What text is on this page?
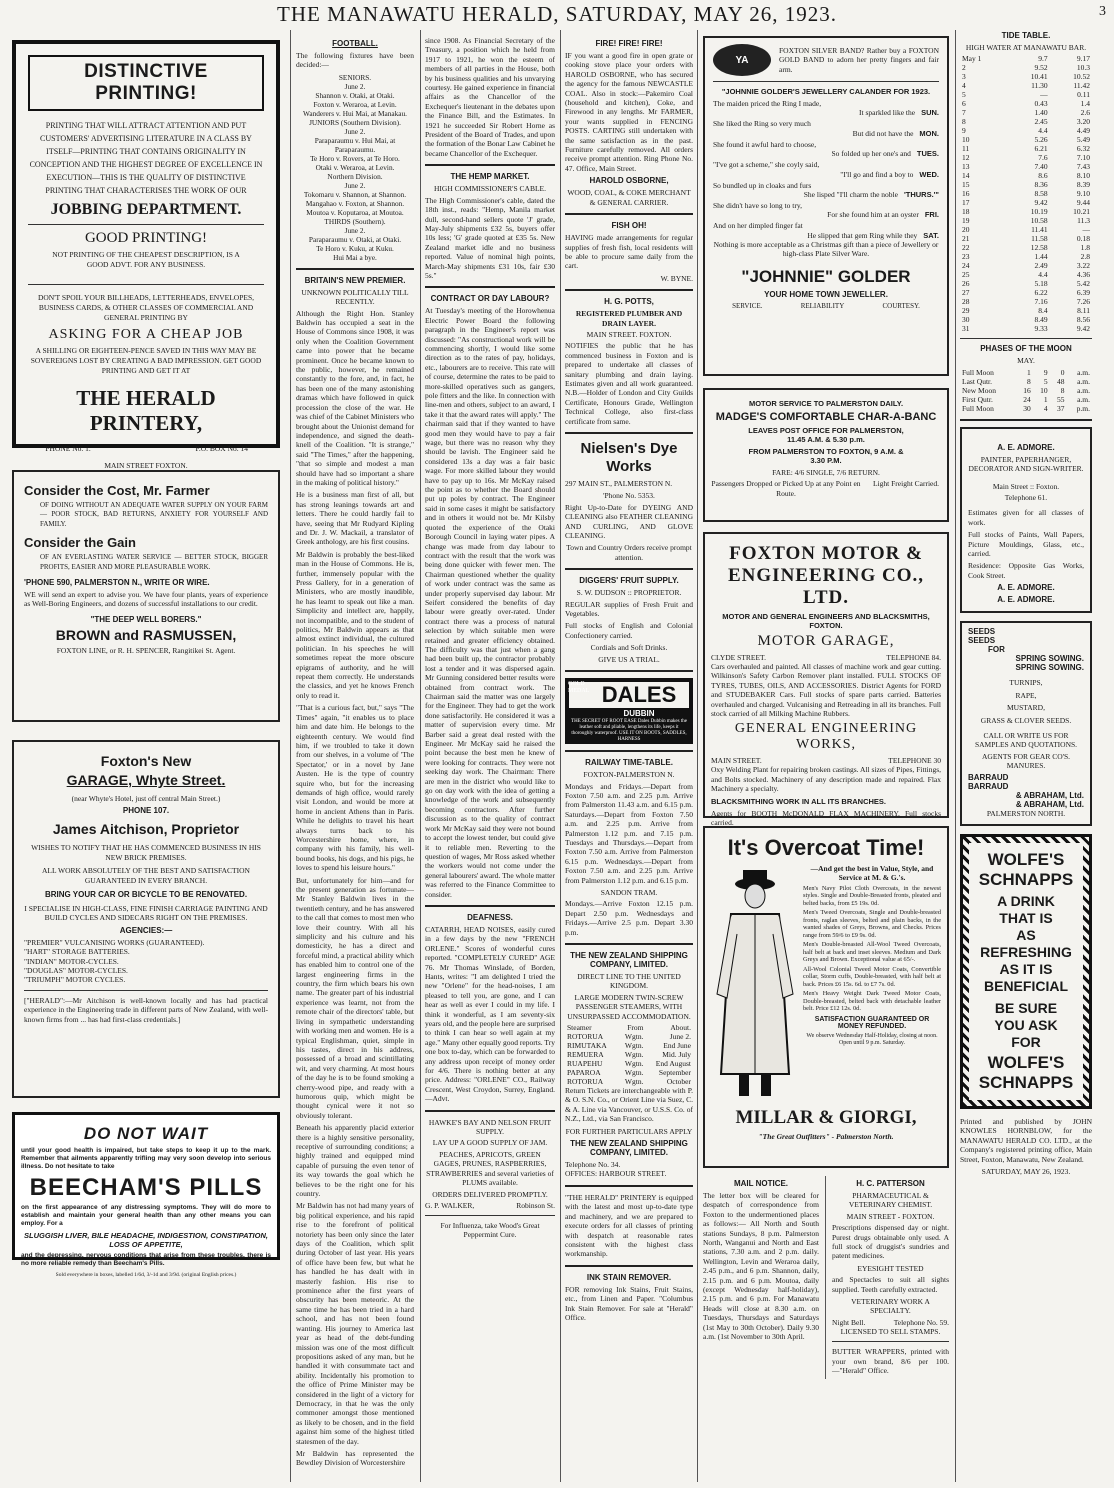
THE MANAWATU HERALD, SATURDAY, MAY 26, 1923.	3
DISTINCTIVE PRINTING!

PRINTING THAT WILL ATTRACT ATTENTION AND PUT CUSTOMERS' ADVERTISING LITERATURE IN A CLASS BY ITSELF—PRINTING THAT CONTAINS ORIGINALITY IN CONCEPTION AND THE HIGHEST DEGREE OF EXCELLENCE IN EXECUTION—THIS IS THE QUALITY OF DISTINCTIVE PRINTING THAT CHARACTERISES THE WORK OF OUR

JOBBING DEPARTMENT.
GOOD PRINTING!

NOT PRINTING OF THE CHEAPEST DESCRIPTION, IS A GOOD ADVT. FOR ANY BUSINESS.

DON'T SPOIL YOUR BILLHEADS, LETTERHEADS, ENVELOPES, BUSINESS CARDS, & OTHER CLASSES OF COMMERCIAL AND GENERAL PRINTING BY

ASKING FOR A CHEAP JOB

A SHILLING OR EIGHTEEN-PENCE SAVED IN THIS WAY MAY BE SOVEREIGNS LOST BY CREATING A BAD IMPRESSION. GET GOOD PRINTING AND GET IT AT

THE HERALD PRINTERY,
'PHONE No. 1.	P.O. BOX No. 14

MAIN STREET FOXTON.

Consider the Cost, Mr. Farmer

OF DOING WITHOUT AN ADEQUATE WATER SUPPLY ON YOUR FARM — POOR STOCK, BAD RETURNS, ANXIETY FOR YOURSELF AND FAMILY.

Consider the Gain

OF AN EVERLASTING WATER SERVICE — BETTER STOCK, BIGGER PROFITS, EASIER AND MORE PLEASURABLE WORK.

'PHONE 590, PALMERSTON N., WRITE OR WIRE.

WE will send an expert to advise you. We have four plants, years of experience as Well-Boring Engineers, and dozens of successful installations to our credit.

"THE DEEP WELL BORERS."
BROWN and RASMUSSEN,

FOXTON LINE, or R. H. SPENCER, Rangitikei St. Agent.

Foxton's New
GARAGE, Whyte Street.

(near Whyte's Hotel, just off central Main Street.)

PHONE 107.
James Aitchison, Proprietor

WISHES TO NOTIFY THAT HE HAS COMMENCED BUSINESS IN HIS NEW BRICK PREMISES.

ALL WORK ABSOLUTELY OF THE BEST AND SATISFACTION GUARANTEED IN EVERY BRANCH.

BRING YOUR CAR OR BICYCLE TO BE RENOVATED.

I SPECIALISE IN HIGH-CLASS, FINE FINISH CARRIAGE PAINTING AND BUILD CYCLES AND SIDECARS RIGHT ON THE PREMISES.

AGENCIES:—

"PREMIER" VULCANISING WORKS (GUARANTEED).

"HART" STORAGE BATTERIES.

"INDIAN" MOTOR-CYCLES.

"DOUGLAS" MOTOR-CYCLES.

"TRIUMPH" MOTOR CYCLES.

["HERALD":—Mr Aitchison is well-known locally and has had practical experience in the Engineering trade in different parts of New Zealand, with well-known firms from ... has had first-class credentials.]

DO NOT WAIT

until your good health is impaired, but take steps to keep it up to the mark. Remember that ailments apparently trifling may very soon develop into serious illness. Do not hesitate to take

BEECHAM'S PILLS

on the first appearance of any distressing symptoms. They will do more to establish and maintain your general health than any other means you can employ. For a

SLUGGISH LIVER, BILE HEADACHE, INDIGESTION, CONSTIPATION, LOSS OF APPETITE,

and the depressing, nervous conditions that arise from these troubles, there is no more reliable remedy than Beecham's Pills.

Sold everywhere in boxes, labelled 1/6d, 3/-1d and 3/9d. (original English prices.)

FOOTBALL.

The following fixtures have been decided:—

SENIORS.
June 2.
Shannon v. Otaki, at Otaki.
Foxton v. Weraroa, at Levin.
Wanderers v. Hui Mai, at Manakau.
JUNIORS (Southern Division).
June 2.
Paraparaumu v. Hui Mai, at Paraparaumu.
Te Horo v. Rovers, at Te Horo.
Otaki v. Weraroa, at Levin.
Northern Division.
June 2.
Tokomaru v. Shannon, at Shannon.
Mangahao v. Foxton, at Shannon.
Moutoa v. Koputaroa, at Moutoa.
THIRDS (Southern).
June 2.
Paraparaumu v. Otaki, at Otaki.
Te Horo v. Kuku, at Kuku.
Hui Mai a bye.
BRITAIN'S NEW PREMIER.

UNKNOWN POLITICALLY TILL RECENTLY.

Although the Right Hon. Stanley Baldwin has occupied a seat in the House of Commons since 1908, it was only when the Coalition Government came into power that he became prominent. Once he became known to the public, however, he remained constantly to the fore, and, in fact, he has been one of the many astonishing dramas which have followed in quick procession the close of the war. He was chief of the Cabinet Ministers who brought about the Unionist demand for independence, and signed the death-knell of the Coalition. "It is strange," said "The Times," after the happening, "that so simple and modest a man should have had so important a share in the making of political history."

He is a business man first of all, but has strong leanings towards art and letters. There he could hardly fail to have, seeing that Mr Rudyard Kipling and Dr. J. W. Mackail, a translator of Greek anthology, are his first cousins.

Mr Baldwin is probably the best-liked man in the House of Commons. He is, further, immensely popular with the Press Gallery, for in a generation of Ministers, who are mostly inaudible, he has learnt to speak out like a man. Simplicity and intellect are, happily, not incompatible, and to the student of politics, Mr Baldwin appears as that almost extinct individual, the cultured politician. In his speeches he will sometimes repeat the more obscure epigrams of authority, and he will repeat them correctly. He understands the classics, and yet he knows French only to read it.

"That is a curious fact, but," says "The Times" again, "it enables us to place him and date him. He belongs to the eighteenth century. We would find him, if we troubled to take it down from our shelves, in a volume of 'The Spectator,' or in a novel by Jane Austen. He is the type of country squire who, but for the increasing demands of high office, would rarely visit London, and would be more at home in ancient Athens than in Paris. While he delights to travel his heart always turns back to his Worcestershire home, where, in company with his family, his well-bound books, his dogs, and his pigs, he loves to spend his leisure hours."

But, unfortunately for him—and for the present generation as fortunate—Mr Stanley Baldwin lives in the twentieth century, and he has answered to the call that comes to most men who love their country. With all his simplicity and his culture and his domesticity, he has a direct and forceful mind, a practical ability which has enabled him to control one of the largest engineering firms in the country, the firm which bears his own name. The greater part of his industrial experience was learnt, not from the remote chair of the directors' table, but living in sympathetic understanding with working men and women. He is a typical Englishman, quiet, simple in his tastes, direct in his address, possessed of a broad and scintillating wit, and very charming. At most hours of the day he is to be found smoking a cherry-wood pipe, and ready with a humorous quip, which might be thought cynical were it not so obviously tolerant.

Beneath his apparently placid exterior there is a highly sensitive personality, receptive of surrounding conditions; a highly trained and equipped mind capable of pursuing the even tenor of its way towards the goal which he believes to be the right one for his country.

Mr Baldwin has not had many years of big political experience, and his rapid rise to the forefront of political notoriety has been only since the later days of the Coalition, which split during October of last year. His years of office have been few, but what he has handled he has dealt with in masterly fashion. His rise to prominence after the first years of obscurity has been meteoric. At the same time he has been tried in a hard school, and has not been found wanting. His journey to America last year as head of the debt-funding mission was one of the most difficult propositions asked of any man, but he handled it with consummate tact and ability. Incidentally his promotion to the office of Prime Minister may be considered in the light of a victory for Democracy, in that he was the only commoner amongst those mentioned as likely to be chosen, and in the field against him some of the highest titled statesmen of the day.

Mr Baldwin has represented the Bewdley Division of Worcestershire

since 1908. As Financial Secretary of the Treasury, a position which he held from 1917 to 1921, he won the esteem of members of all parties in the House, both by his business qualities and his unvarying courtesy. He gained experience in financial affairs as the Chancellor of the Exchequer's lieutenant in the debates upon the Finance Bill, and the Estimates. In 1921 he succeeded Sir Robert Horne as President of the Board of Trades, and upon the formation of the Bonar Law Cabinet he became Chancellor of the Exchequer.

THE HEMP MARKET.

HIGH COMMISSIONER'S CABLE.

The High Commissioner's cable, dated the 18th inst., reads: "Hemp, Manila market dull, second-hand sellers quote 'J' grade, May-July shipments £32 5s, buyers offer 10s less; 'G' grade quoted at £35 5s. New Zealand market idle and no business reported. Value of nominal high points, March-May shipments £31 10s, fair £30 5s."

CONTRACT OR DAY LABOUR?

At Tuesday's meeting of the Horowhenua Electric Power Board the following paragraph in the Engineer's report was discussed: "As constructional work will be commencing shortly, I would like some direction as to the rates of pay, holidays, etc., labourers are to receive. This rate will of course, determine the rates to be paid to more-skilled operatives such as gangers, pole fitters and the like. In connection with line-men and others, subject to an award, I take it that the award rates will apply." The chairman said that if they wanted to have good men they would have to pay a fair wage, but there was no reason why they should be lavish. The Engineer said he considered 13s a day was a fair basic wage. For more skilled labour they would have to pay up to 16s. Mr McKay raised the point as to whether the Board should put up poles by contract. The Engineer said in some cases it might be satisfactory and in others it would not be. Mr Kilsby quoted the experience of the Otaki Borough Council in laying water pipes. A change was made from day labour to contract with the result that the work was being done quicker with fewer men. The Chairman questioned whether the quality of work under contract was the same as under properly supervised day labour. Mr Seifert considered the benefits of day labour were greatly over-rated. Under contract there was a process of natural selection by which suitable men were retained and greater efficiency obtained. The difficulty was that just when a gang had been built up, the contractor probably lost a tender and it was dispersed again. Mr Gunning considered better results were obtained from contract work. The Chairman said the matter was one largely for the Engineer. They had to get the work done satisfactorily. He considered it was a matter of supervision every time. Mr Barber said a great deal rested with the Engineer. Mr McKay said he raised the point because the best men he knew of were looking for contracts. They were not seeking day work. The Chairman: There are men in the district who would like to go on day work with the idea of getting a knowledge of the work and subsequently becoming contractors. After further discussion as to the quality of contract work Mr McKay said they were not bound to accept the lowest tender, but could give it to reliable men. Reverting to the question of wages, Mr Ross asked whether the workers would not come under the general labourers' award. The whole matter was referred to the Finance Committee to consider.

DEAFNESS.

CATARRH, HEAD NOISES, easily cured in a few days by the new "FRENCH ORLENE." Scores of wonderful cures reported. "COMPLETELY CURED" AGE 76. Mr Thomas Winslade, of Borden, Hants, writes: "I am delighted I tried the new "Orlene" for the head-noises, I am pleased to tell you, are gone, and I can hear as well as ever I could in my life. I think it wonderful, as I am seventy-six years old, and the people here are surprised to think I can hear so well again at my age." Many other equally good reports. Try one box to-day, which can be forwarded to any address upon receipt of money order for 4/6. There is nothing better at any price. Address: "ORLENE" CO., Railway Crescent, West Croydon, Surrey, England.—Advt.

HAWKE'S BAY AND NELSON FRUIT SUPPLY.

LAY UP A GOOD SUPPLY OF JAM.

PEACHES, APRICOTS, GREEN GAGES, PRUNES, RASPBERRIES, STRAWBERRIES and several varieties of PLUMS available.

ORDERS DELIVERED PROMPTLY.

G. P. WALKER,	Robinson St.

For Influenza, take Wood's Great Peppermint Cure.

FIRE! FIRE! FIRE!

IF you want a good fire in open grate or cooking stove place your orders with HAROLD OSBORNE, who has secured the agency for the famous NEWCASTLE COAL. Also in stock:—Pakemiro Coal (household and kitchen), Coke, and Firewood in any lengths. Mr FARMER, your wants supplied in FENCING POSTS. CARTING still undertaken with the same satisfaction as in the past. Furniture carefully removed. All orders receive prompt attention. Ring Phone No. 47. Office, Main Street.

HAROLD OSBORNE,

WOOD, COAL, & COKE MERCHANT & GENERAL CARRIER.

FISH OH!

HAVING made arrangements for regular supplies of fresh fish, local residents will be able to procure same daily from the cart.

W. BYNE.

H. G. POTTS,

REGISTERED PLUMBER AND DRAIN LAYER.

MAIN STREET. FOXTON.

NOTIFIES the public that he has commenced business in Foxton and is prepared to undertake all classes of sanitary plumbing and drain laying. Estimates given and all work guaranteed. N.B.—Holder of London and City Guilds Certificate, Honours Grade, Wellington Technical College, also first-class certificate from same.

Nielsen's Dye Works

297 MAIN ST., PALMERSTON N.

'Phone No. 5353.

Right Up-to-Date for DYEING AND CLEANING also FEATHER CLEANING AND CURLING, AND GLOVE CLEANING.

Town and Country Orders receive prompt attention.

DIGGERS' FRUIT SUPPLY.

S. W. DUDSON :: PROPRIETOR.

REGULAR supplies of Fresh Fruit and Vegetables.

Full stocks of English and Colonial Confectionery carried.

Cordials and Soft Drinks.

GIVE US A TRIAL.

GOLD MEDAL DALES
DUBBIN

THE SECRET OF ROOT EASE Dales Dubbin makes the leather soft and pliable, lengthens its life, keeps it thoroughly waterproof. USE IT ON BOOTS, SADDLES, HARNESS

RAILWAY TIME-TABLE.

FOXTON-PALMERSTON N.

Mondays and Fridays.—Depart from Foxton 7.50 a.m. and 2.25 p.m. Arrive from Palmerston 11.43 a.m. and 6.15 p.m. Saturdays.—Depart from Foxton 7.50 a.m. and 2.25 p.m. Arrive from Palmerston 1.12 p.m. and 7.15 p.m. Tuesdays and Thursdays.—Depart from Foxton 7.50 a.m. Arrive from Palmerston 6.15 p.m. Wednesdays.—Depart from Foxton 7.50 a.m. and 2.25 p.m. Arrive from Palmerston 1.12 p.m. and 6.15 p.m.

SANDON TRAM.

Mondays.—Arrive Foxton 12.15 p.m. Depart 2.50 p.m. Wednesdays and Fridays.—Arrive 2.5 p.m. Depart 3.30 p.m.

THE NEW ZEALAND SHIPPING COMPANY, LIMITED.

DIRECT LINE TO THE UNITED KINGDOM.

LARGE MODERN TWIN-SCREW PASSENGER STEAMERS, WITH UNSURPASSED ACCOMMODATION.

Steamer	From	About.
ROTORUA	Wgtn.	June 2.
RIMUTAKA	Wgtn.	End June
REMUERA	Wgtn.	Mid. July
RUAPEHU	Wgtn.	End August
PAPAROA	Wgtn.	September
ROTORUA	Wgtn.	October

Return Tickets are interchangeable with P. & O. S.N. Co., or Orient Line via Suez, C. & A. Line via Vancouver, or U.S.S. Co. of N.Z., Ltd., via San Francisco.

FOR FURTHER PARTICULARS APPLY

THE NEW ZEALAND SHIPPING COMPANY, LIMITED.

Telephone No. 34.

OFFICES: HARBOUR STREET.

"THE HERALD" PRINTERY is equipped with the latest and most up-to-date type and machinery, and we are prepared to execute orders for all classes of printing with despatch at reasonable rates consistent with the highest class workmanship.

INK STAIN REMOVER.

FOR removing Ink Stains, Fruit Stains, etc., from Linen and Paper. "Columbus Ink Stain Remover. For sale at "Herald" Office.

YA

FOXTON SILVER BAND? Rather buy a FOXTON GOLD BAND to adorn her pretty fingers and fair arm.

"JOHNNIE GOLDER'S JEWELLERY CALANDER FOR 1923.

The maiden priced the Ring I made,

It sparkled like the SUN.

She liked the Ring so very much

But did not have the MON.

She found it awful hard to choose,

So folded up her one's and TUES.

"I've got a scheme," she coyly said,

"I'll go and find a boy to WED.

So bundled up in cloaks and furs

She lisped "I'll charm the noble 'THURS.'"

She didn't have so long to try,

For she found him at an oyster FRI.

And on her dimpled finger fat

He slipped that gem Ring while they SAT.

Nothing is more acceptable as a Christmas gift than a piece of Jewellery or high-class Plate Silver Ware.

"JOHNNIE" GOLDER
YOUR HOME TOWN JEWELLER.
SERVICE.	RELIABILITY	COURTESY.
MOTOR SERVICE TO PALMERSTON DAILY.
MADGE'S COMFORTABLE CHAR-A-BANC
LEAVES POST OFFICE FOR PALMERSTON, 11.45 A.M. & 5.30 p.m.
FROM PALMERSTON TO FOXTON, 9 A.M. & 3.30 P.M.

FARE: 4/6 SINGLE, 7/6 RETURN.

Passengers Dropped or Picked Up at any Point en Route.

Light Freight Carried.

FOXTON MOTOR & ENGINEERING CO., LTD.
MOTOR AND GENERAL ENGINEERS AND BLACKSMITHS, FOXTON.
MOTOR GARAGE,
CLYDE STREET.	TELEPHONE 84.

Cars overhauled and painted. All classes of machine work and gear cutting. Wilkinson's Safety Carbon Remover plant installed. FULL STOCKS OF TYRES, TUBES, OILS, AND ACCESSORIES. District Agents for FORD and STUDEBAKER Cars. Full stocks of spare parts carried. Batteries overhauled and charged. Vulcanising and Retreading in all its branches. Full stock carried of all Milking Machine Rubbers.

GENERAL ENGINEERING WORKS,
MAIN STREET.	TELEPHONE 30

Oxy Welding Plant for repairing broken castings. All sizes of Pipes, Fittings, and Bolts stocked. Machinery of any description made and repaired. Flax Machinery a specialty.

BLACKSMITHING WORK IN ALL ITS BRANCHES.

Agents for BOOTH McDONALD FLAX MACHINERY. Full stocks carried.

It's Overcoat Time!

—And get the best in Value, Style, and Service at M. & G.'s.

Men's Navy Pilot Cloth Overcoats, in the newest styles. Single and Double-Breasted fronts, pleated and belted backs, from £5 19s. 0d.

Men's Tweed Overcoats, Single and Double-breasted fronts, raglan sleeves, belted and plain backs, in the wanted shades of Greys, Browns, and Checks. Prices range from 59/6 to £9 9s. 0d.

Men's Double-breasted All-Wool Tweed Overcoats, half belt at back and inset sleeves. Medium and Dark Greys and Brown. Exceptional value at 65/-.

All-Wool Colonial Tweed Motor Coats, Convertible collar, Storm cuffs, Double-breasted, with half belt at back. Prices £6 15s. 6d. to £7 7s. 0d.

Men's Heavy Weight Dark Tweed Motor Coats, Double-breasted, belted back with detachable leather belt. Price £12 12s. 0d.

SATISFACTION GUARANTEED OR MONEY REFUNDED.

We observe Wednesday Half-Holiday, closing at noon. Open until 9 p.m. Saturday.

MILLAR & GIORGI,

"The Great Outfitters" - Palmerston North.

MAIL NOTICE.

The letter box will be cleared for despatch of correspondence from Foxton to the undermentioned places as follows:— All North and South stations Sundays, 8 p.m. Palmerston North, Wanganui and North and East stations, 7.30 a.m. and 2 p.m. daily. Wellington, Levin and Weraroa daily, 2.45 p.m., and 6 p.m. Shannon, daily, 2.15 p.m. and 6 p.m. Moutoa, daily (except Wednesday half-holiday), 2.15 p.m. and 6 p.m. For Manawatu Heads will close at 8.30 a.m. on Tuesdays, Thursdays and Saturdays (1st May to 30th October). Daily 9.30 a.m. (1st November to 30th April.

H. C. PATTERSON

PHARMACEUTICAL & VETERINARY CHEMIST.

MAIN STREET - FOXTON.

Prescriptions dispensed day or night. Purest drugs obtainable only used. A full stock of druggist's sundries and patent medicines.

EYESIGHT TESTED

and Spectacles to suit all sights supplied. Teeth carefully extracted.

VETERINARY WORK A SPECIALTY.

Night Bell.	Telephone No. 59.

LICENSED TO SELL STAMPS.

BUTTER WRAPPERS, printed with your own brand, 8/6 per 100. —"Herald" Office.

TIDE TABLE.

HIGH WATER AT MANAWATU BAR.

May 1	9.7	9.17
2	9.52	10.3
3	10.41	10.52
4	11.30	11.42
5	—	0.11
6	0.43	1.4
7	1.40	2.6
8	2.45	3.20
9	4.4	4.49
10	5.26	5.49
11	6.21	6.32
12	7.6	7.10
13	7.40	7.43
14	8.6	8.10
15	8.36	8.39
16	8.58	9.10
17	9.42	9.44
18	10.19	10.21
19	10.58	11.3
20	11.41	—
21	11.58	0.18
22	12.58	1.8
23	1.44	2.8
24	2.49	3.22
25	4.4	4.36
26	5.18	5.42
27	6.22	6.39
28	7.16	7.26
29	8.4	8.11
30	8.49	8.56
31	9.33	9.42
PHASES OF THE MOON

MAY.

Full Moon	1	9	0	a.m.
Last Qutr.	8	5	48	a.m.
New Moon	16	10	8	a.m.
First Qutr.	24	1	55	a.m.
Full Moon	30	4	37	p.m.
A. E. ADMORE.

PAINTER, PAPERHANGER, DECORATOR AND SIGN-WRITER.

Main Street :: Foxton.

Telephone 61.

Estimates given for all classes of work.

Full stocks of Paints, Wall Papers, Picture Mouldings, Glass, etc., carried.

Residence: Opposite Gas Works, Cook Street.

A. E. ADMORE.
A. E. ADMORE.
SEEDS
SEEDS
FOR
SPRING SOWING.
SPRING SOWING.

TURNIPS,

RAPE,

MUSTARD,

GRASS & CLOVER SEEDS.

CALL OR WRITE US FOR SAMPLES AND QUOTATIONS.

AGENTS FOR GEAR CO'S. MANURES.

BARRAUD
BARRAUD
& ABRAHAM, Ltd.
& ABRAHAM, Ltd.

PALMERSTON NORTH.

WOLFE'S SCHNAPPS
A DRINK
THAT IS
AS
REFRESHING
AS IT IS
BENEFICIAL
BE SURE
YOU ASK
FOR
WOLFE'S SCHNAPPS

Printed and published by JOHN KNOWLES HORNBLOW, for the MANAWATU HERALD CO. LTD., at the Company's registered printing office, Main Street, Foxton, Manawatu, New Zealand.

SATURDAY, MAY 26, 1923.
